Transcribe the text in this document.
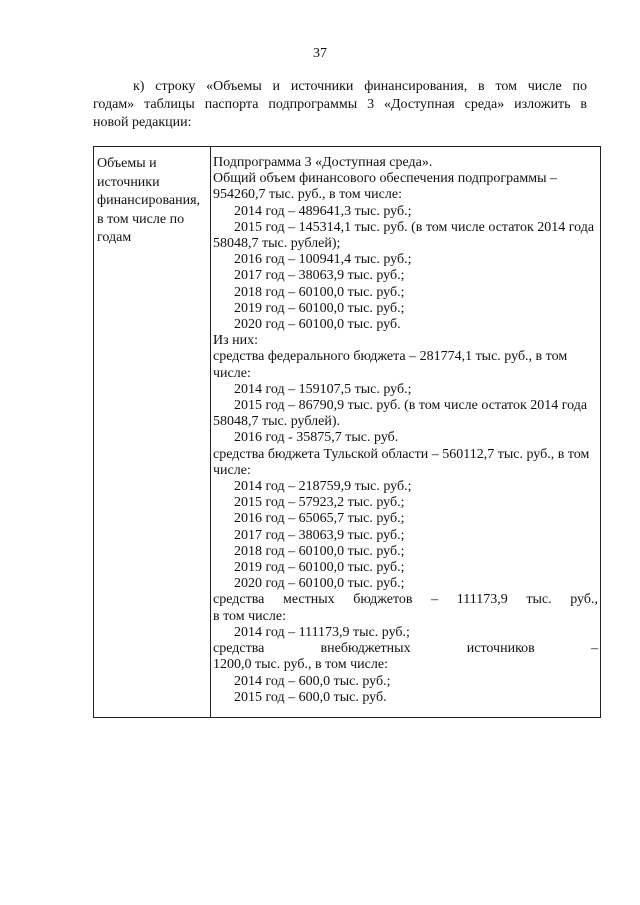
37
к) строку «Объемы и источники финансирования, в том числе по
годам» таблицы паспорта подпрограммы 3 «Доступная среда» изложить в
новой редакции:
Объемы и
источники
финансирования,
в том числе по
годам
Подпрограмма 3 «Доступная среда».
Общий объем финансового обеспечения подпрограммы –
954260,7 тыс. руб., в том числе:
2014 год – 489641,3 тыс. руб.;
2015 год – 145314,1 тыс. руб. (в том числе остаток 2014 года
58048,7 тыс. рублей);
2016 год – 100941,4 тыс. руб.;
2017 год – 38063,9 тыс. руб.;
2018 год – 60100,0 тыс. руб.;
2019 год – 60100,0 тыс. руб.;
2020 год – 60100,0 тыс. руб.
Из них:
средства федерального бюджета – 281774,1 тыс. руб., в том
числе:
2014 год – 159107,5 тыс. руб.;
2015 год – 86790,9 тыс. руб. (в том числе остаток 2014 года
58048,7 тыс. рублей).
2016 год - 35875,7 тыс. руб.
средства бюджета Тульской области – 560112,7 тыс. руб., в том
числе:
2014 год – 218759,9 тыс. руб.;
2015 год – 57923,2 тыс. руб.;
2016 год – 65065,7 тыс. руб.;
2017 год – 38063,9 тыс. руб.;
2018 год – 60100,0 тыс. руб.;
2019 год – 60100,0 тыс. руб.;
2020 год – 60100,0 тыс. руб.;
средства местных бюджетов – 111173,9 тыс. руб.,
в том числе:
2014 год – 111173,9 тыс. руб.;
средства внебюджетных источников –
1200,0 тыс. руб., в том числе:
2014 год – 600,0 тыс. руб.;
2015 год – 600,0 тыс. руб.
